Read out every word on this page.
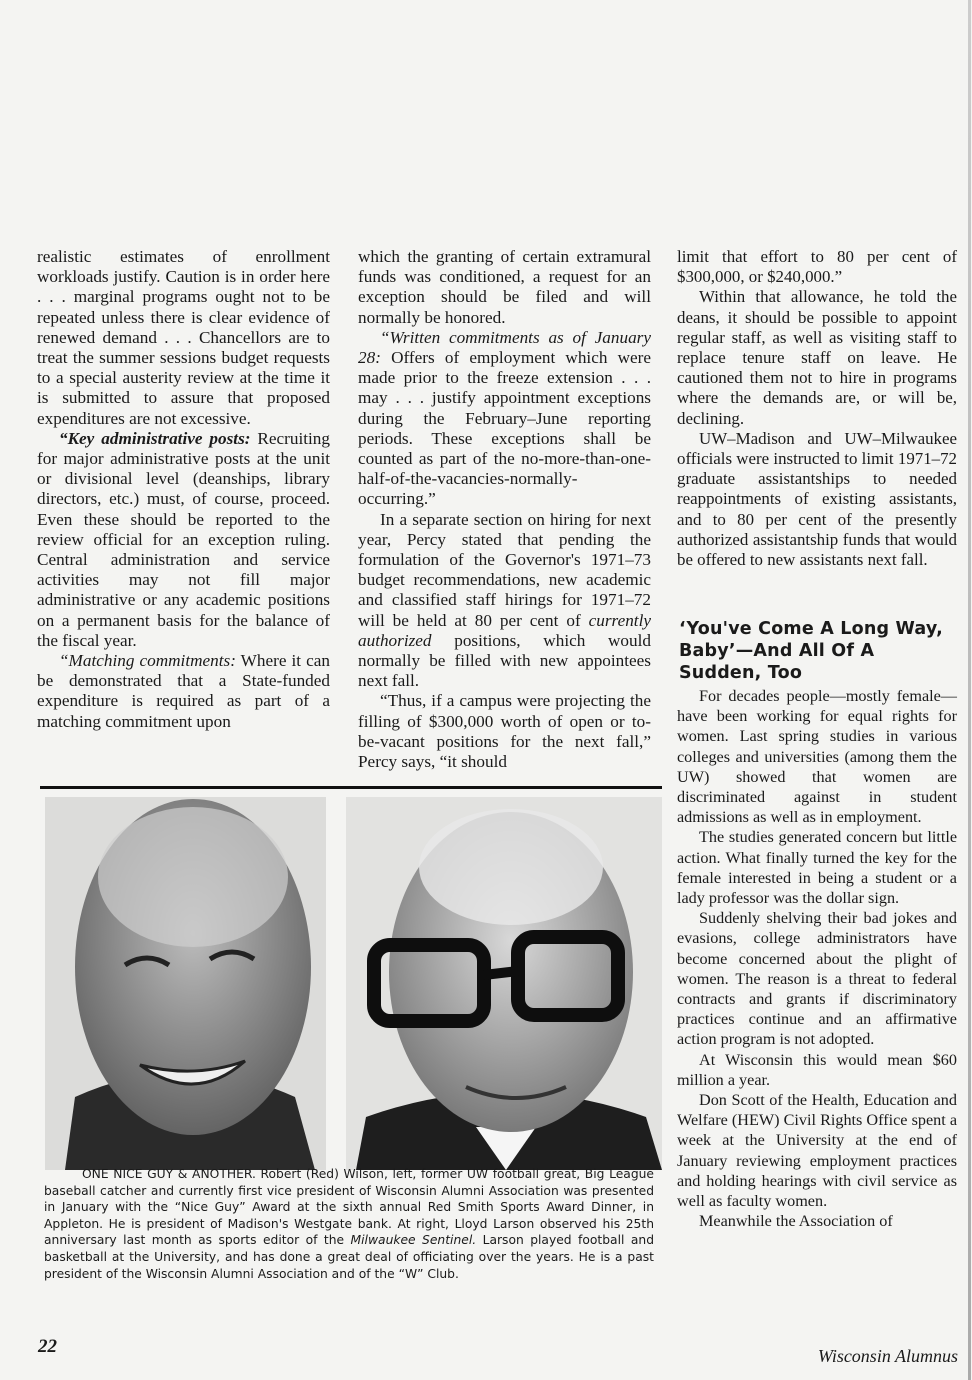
realistic estimates of enrollment workloads justify. Caution is in order here . . . marginal programs ought not to be repeated unless there is clear evidence of renewed demand . . . Chancellors are to treat the summer sessions budget requests to a special austerity review at the time it is submitted to assure that proposed expenditures are not excessive.

“Key administrative posts: Recruiting for major administrative posts at the unit or divisional level (deanships, library directors, etc.) must, of course, proceed. Even these should be reported to the review official for an exception ruling. Central administration and service activities may not fill major administrative or any academic positions on a permanent basis for the balance of the fiscal year.

“Matching commitments: Where it can be demonstrated that a State-funded expenditure is required as part of a matching commitment upon

which the granting of certain extramural funds was conditioned, a request for an exception should be filed and will normally be honored.

“Written commitments as of January 28: Offers of employment which were made prior to the freeze extension . . . may . . . justify appointment exceptions during the February–June reporting periods. These exceptions shall be counted as part of the no-more-than-one-half-of-the-vacancies-normally-occurring.”

In a separate section on hiring for next year, Percy stated that pending the formulation of the Governor's 1971–73 budget recommendations, new academic and classified staff hirings for 1971–72 will be held at 80 per cent of currently authorized positions, which would normally be filled with new appointees next fall.

“Thus, if a campus were projecting the filling of $300,000 worth of open or to-be-vacant positions for the next fall,” Percy says, “it should

limit that effort to 80 per cent of $300,000, or $240,000.”

Within that allowance, he told the deans, it should be possible to appoint regular staff, as well as visiting staff to replace tenure staff on leave. He cautioned them not to hire in programs where the demands are, or will be, declining.

UW–Madison and UW–Milwaukee officials were instructed to limit 1971–72 graduate assistantships to needed reappointments of existing assistants, and to 80 per cent of the presently authorized assistantship funds that would be offered to new assistants next fall.

‘You've Come A Long Way, Baby’—And All Of A Sudden, Too

For decades people—mostly female—have been working for equal rights for women. Last spring studies in various colleges and universities (among them the UW) showed that women are discriminated against in student admissions as well as in employment.

The studies generated concern but little action. What finally turned the key for the female interested in being a student or a lady professor was the dollar sign.

Suddenly shelving their bad jokes and evasions, college administrators have become concerned about the plight of women. The reason is a threat to federal contracts and grants if discriminatory practices continue and an affirmative action program is not adopted.

At Wisconsin this would mean $60 million a year.

Don Scott of the Health, Education and Welfare (HEW) Civil Rights Office spent a week at the University at the end of January reviewing employment practices and holding hearings with civil service as well as faculty women.

Meanwhile the Association of

ONE NICE GUY & ANOTHER. Robert (Red) Wilson, left, former UW football great, Big League baseball catcher and currently first vice president of Wisconsin Alumni Association was presented in January with the “Nice Guy” Award at the sixth annual Red Smith Sports Award Dinner, in Appleton. He is president of Madison's Westgate bank. At right, Lloyd Larson observed his 25th anniversary last month as sports editor of the Milwaukee Sentinel. Larson played football and basketball at the University, and has done a great deal of officiating over the years. He is a past president of the Wisconsin Alumni Association and of the “W” Club.

22	Wisconsin Alumnus
